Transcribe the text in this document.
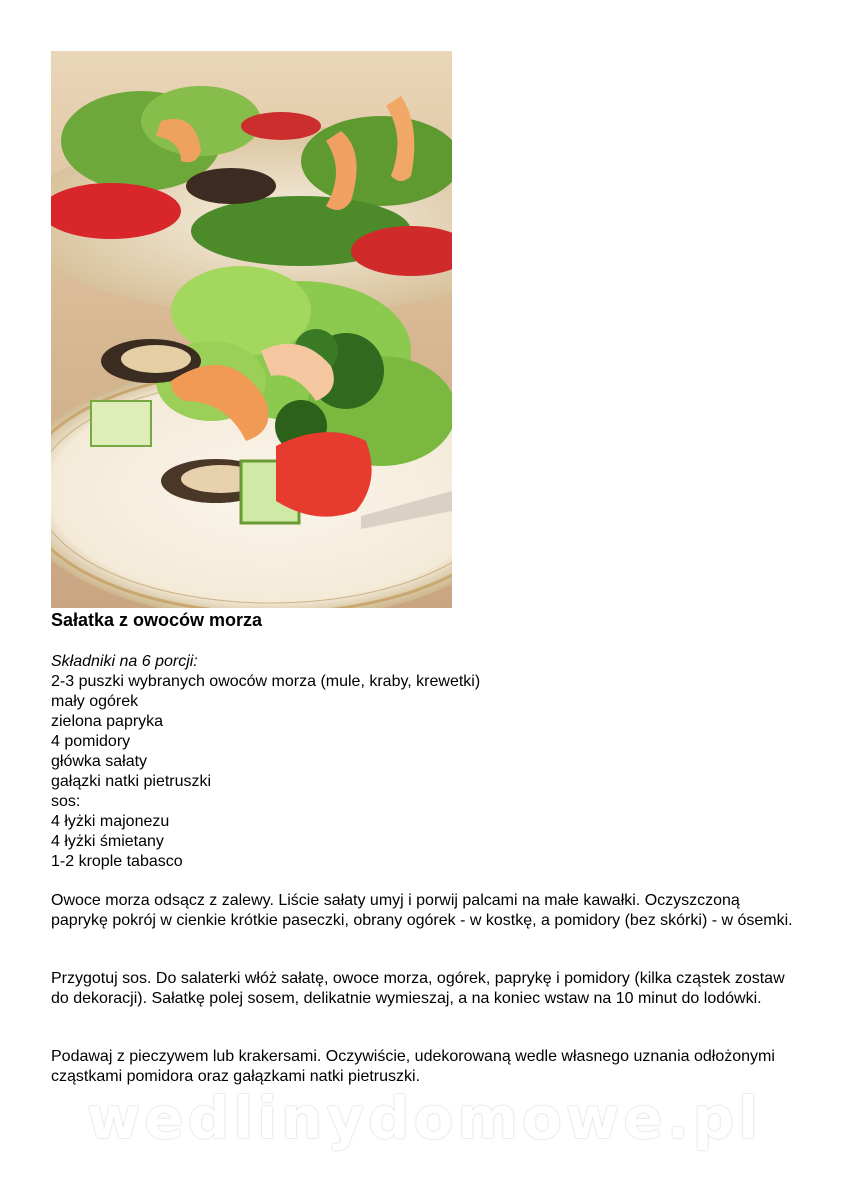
Sałatka z owoców morza
Składniki na 6 porcji:
2-3 puszki wybranych owoców morza (mule, kraby, krewetki)
mały ogórek
zielona papryka
4 pomidory
główka sałaty
gałązki natki pietruszki
sos:
4 łyżki majonezu
4 łyżki śmietany
1-2 krople tabasco

Owoce morza odsącz z zalewy. Liście sałaty umyj i porwij palcami na małe kawałki. Oczyszczoną paprykę pokrój w cienkie krótkie paseczki, obrany ogórek - w kostkę, a pomidory (bez skórki) - w ósemki.

Przygotuj sos. Do salaterki włóż sałatę, owoce morza, ogórek, paprykę i pomidory (kilka cząstek zostaw do dekoracji). Sałatkę polej sosem, delikatnie wymieszaj, a na koniec wstaw na 10 minut do lodówki.

Podawaj z pieczywem lub krakersami. Oczywiście, udekorowaną wedle własnego uznania odłożonymi cząstkami pomidora oraz gałązkami natki pietruszki.

wedlinydomowe.pl
